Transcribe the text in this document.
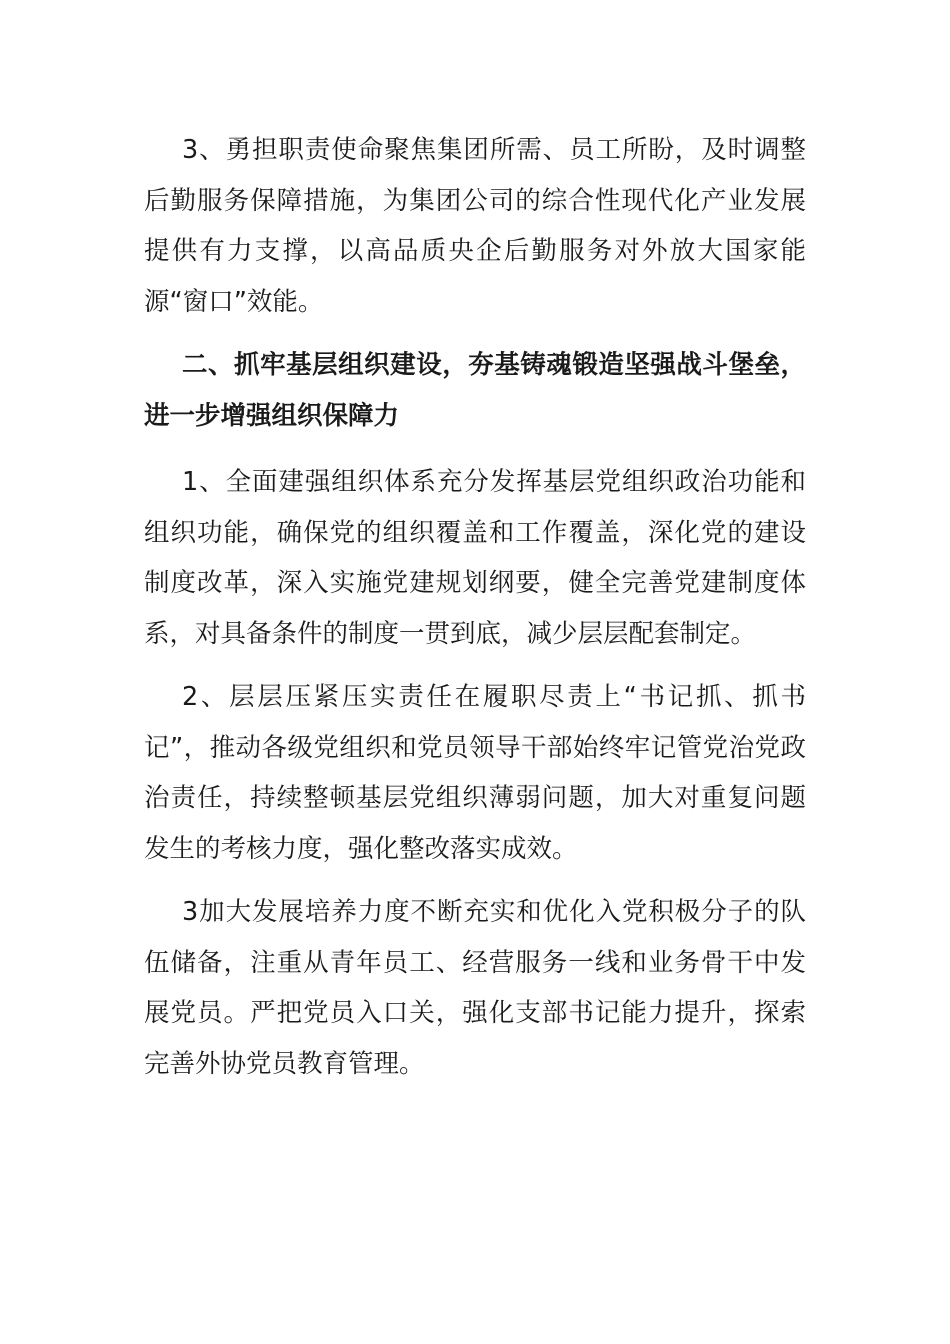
3、勇担职责使命聚焦集团所需、员工所盼，及时调整后勤服务保障措施，为集团公司的综合性现代化产业发展提供有力支撑，以高品质央企后勤服务对外放大国家能源“窗口”效能。

二、抓牢基层组织建设，夯基铸魂锻造坚强战斗堡垒，进一步增强组织保障力

1、全面建强组织体系充分发挥基层党组织政治功能和组织功能，确保党的组织覆盖和工作覆盖，深化党的建设制度改革，深入实施党建规划纲要，健全完善党建制度体系，对具备条件的制度一贯到底，减少层层配套制定。

2、层层压紧压实责任在履职尽责上“书记抓、抓书记”，推动各级党组织和党员领导干部始终牢记管党治党政治责任，持续整顿基层党组织薄弱问题，加大对重复问题发生的考核力度，强化整改落实成效。

3加大发展培养力度不断充实和优化入党积极分子的队伍储备，注重从青年员工、经营服务一线和业务骨干中发展党员。严把党员入口关，强化支部书记能力提升，探索完善外协党员教育管理。
